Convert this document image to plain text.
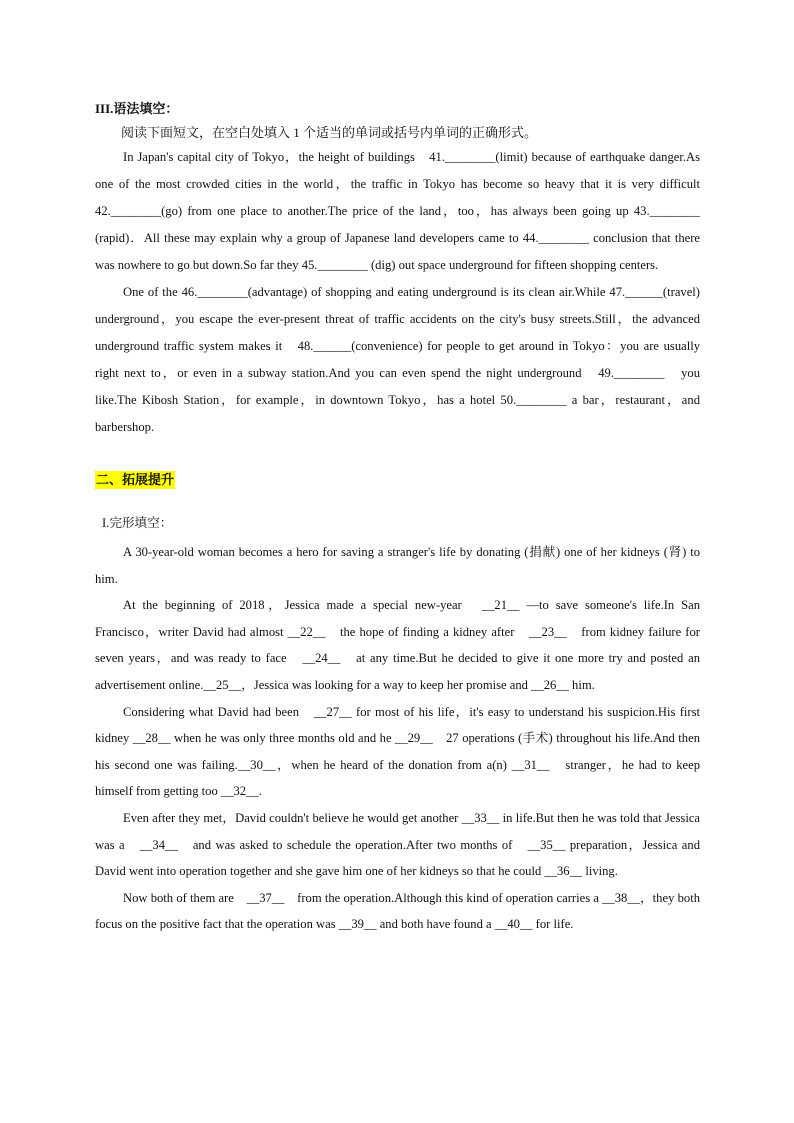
III.语法填空：

阅读下面短文，在空白处填入 1 个适当的单词或括号内单词的正确形式。

In Japan's capital city of Tokyo，the height of buildings　41.________(limit) because of earthquake danger.As one of the most crowded cities in the world，the traffic in Tokyo has become so heavy that it is very difficult 42.________(go) from one place to another.The price of the land，too，has always been going up 43.________ (rapid)．All these may explain why a group of Japanese land developers came to 44.________ conclusion that there was nowhere to go but down.So far they 45.________ (dig) out space underground for fifteen shopping centers.

One of the 46.________(advantage) of shopping and eating underground is its clean air.While 47.______(travel) underground，you escape the ever-present threat of traffic accidents on the city's busy streets.Still，the advanced underground traffic system makes it　48.______(convenience) for people to get around in Tokyo：you are usually right next to，or even in a subway station.And you can even spend the night underground　49.________　you like.The Kibosh Station，for example，in downtown Tokyo，has a hotel 50.________ a bar，restaurant，and barbershop.

二、拓展提升

I.完形填空：

A 30-year-old woman becomes a hero for saving a stranger's life by donating (捐献) one of her kidneys (肾) to him.

At the beginning of 2018，Jessica made a special new-year　__21__ —to save someone's life.In San Francisco，writer David had almost __22__　the hope of finding a kidney after　__23__　from kidney failure for seven years，and was ready to face　__24__　at any time.But he decided to give it one more try and posted an advertisement online.__25__，Jessica was looking for a way to keep her promise and __26__ him.

Considering what David had been　__27__ for most of his life，it's easy to understand his suspicion.His first kidney __28__ when he was only three months old and he __29__　27 operations (手术) throughout his life.And then his second one was failing.__30__，when he heard of the donation from a(n) __31__　stranger，he had to keep himself from getting too __32__.

Even after they met，David couldn't believe he would get another __33__ in life.But then he was told that Jessica was a　__34__　and was asked to schedule the operation.After two months of　__35__ preparation，Jessica and David went into operation together and she gave him one of her kidneys so that he could __36__ living.

Now both of them are　__37__　from the operation.Although this kind of operation carries a __38__，they both focus on the positive fact that the operation was __39__ and both have found a __40__ for life.
